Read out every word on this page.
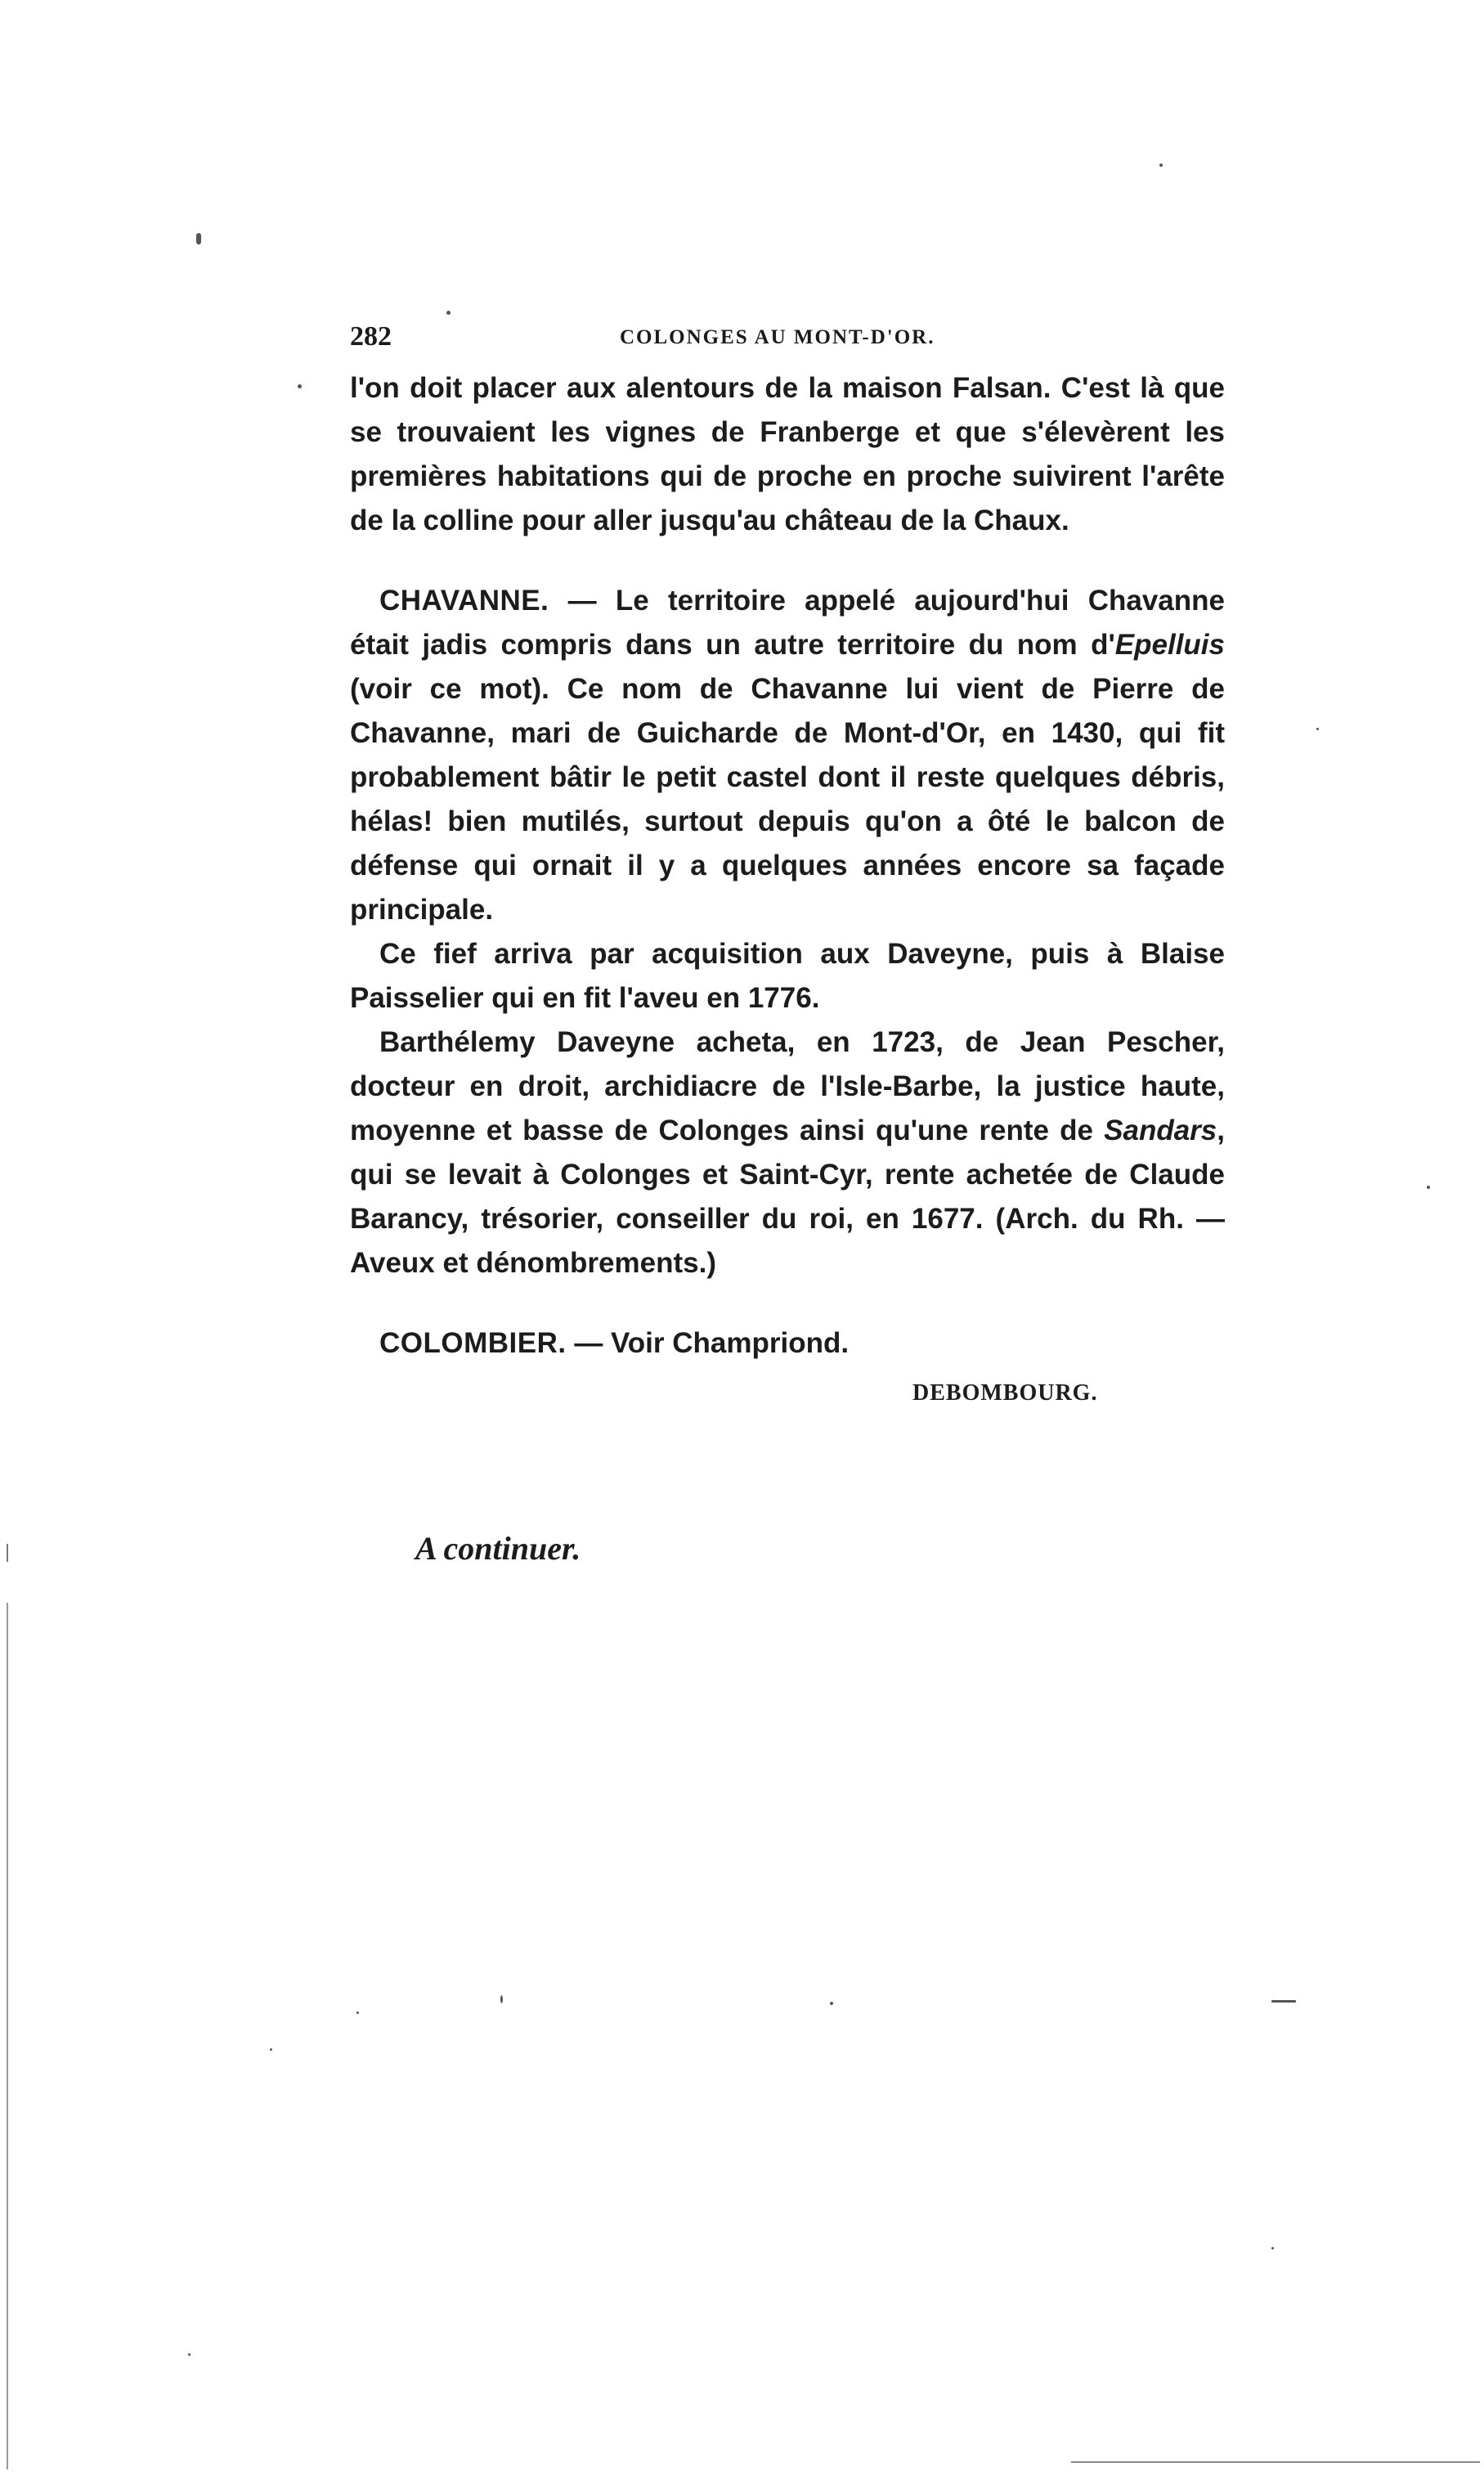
282	COLONGES AU MONT-D'OR.

l'on doit placer aux alentours de la maison Falsan. C'est là que se trouvaient les vignes de Franberge et que s'élevèrent les premières habitations qui de proche en proche suivirent l'arête de la colline pour aller jusqu'au château de la Chaux.

CHAVANNE. — Le territoire appelé aujourd'hui Chavanne était jadis compris dans un autre territoire du nom d'Epelluis (voir ce mot). Ce nom de Chavanne lui vient de Pierre de Chavanne, mari de Guicharde de Mont-d'Or, en 1430, qui fit probablement bâtir le petit castel dont il reste quelques débris, hélas! bien mutilés, surtout depuis qu'on a ôté le balcon de défense qui ornait il y a quelques années encore sa façade principale.

Ce fief arriva par acquisition aux Daveyne, puis à Blaise Paisselier qui en fit l'aveu en 1776.

Barthélemy Daveyne acheta, en 1723, de Jean Pescher, docteur en droit, archidiacre de l'Isle-Barbe, la justice haute, moyenne et basse de Colonges ainsi qu'une rente de Sandars, qui se levait à Colonges et Saint-Cyr, rente achetée de Claude Barancy, trésorier, conseiller du roi, en 1677. (Arch. du Rh. — Aveux et dénombrements.)

COLOMBIER. — Voir Champriond.

DEBOMBOURG.
A continuer.
